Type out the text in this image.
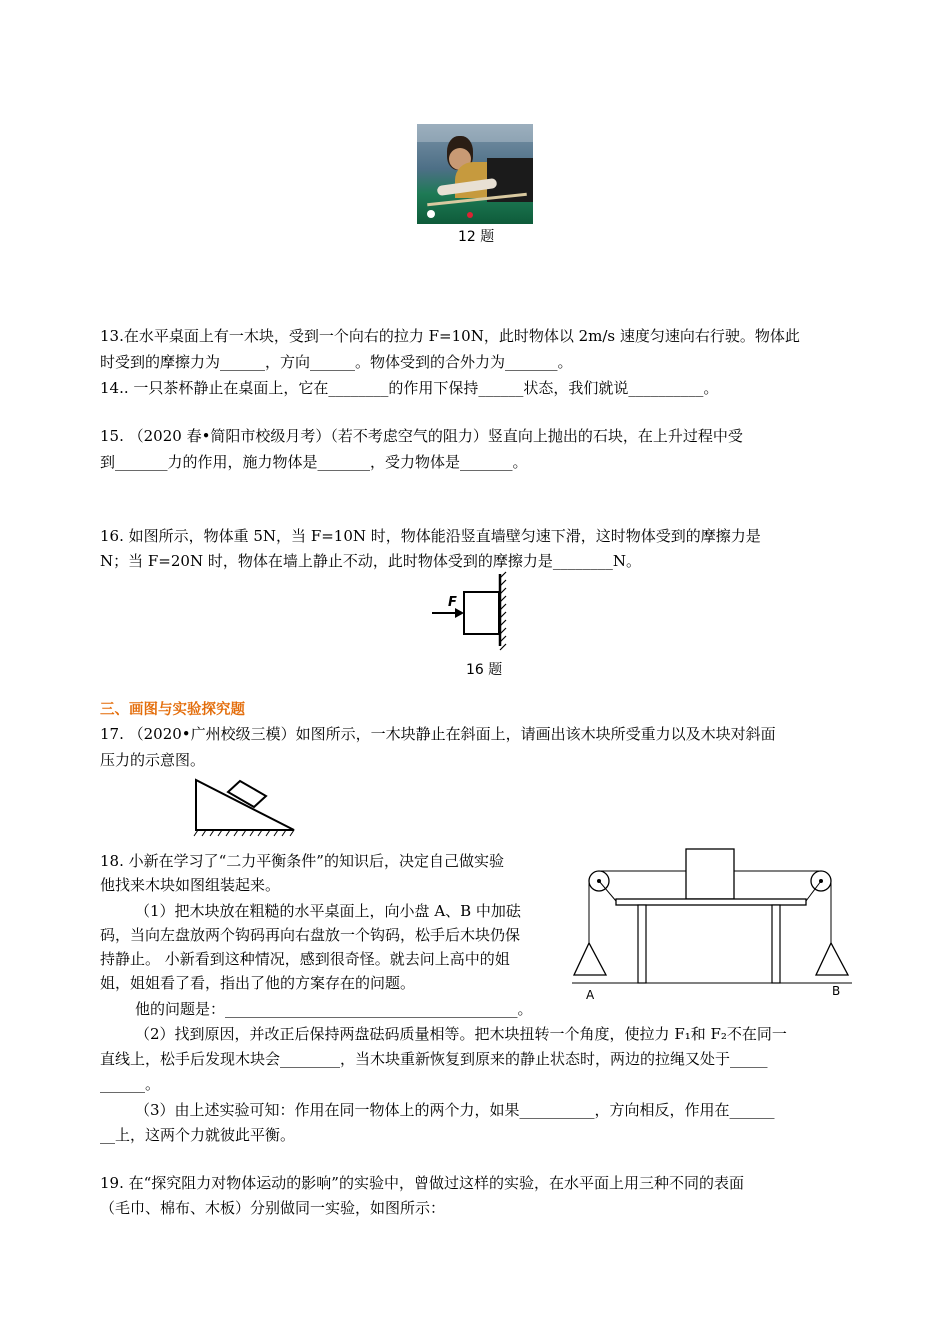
12 题
13.在水平桌面上有一木块，受到一个向右的拉力 F=10N，此时物体以 2m/s 速度匀速向右行驶。物体此
时受到的摩擦力为______，方向______。物体受到的合外力为_______。
14.. 一只茶杯静止在桌面上，它在________的作用下保持______状态，我们就说__________。
15. （2020 春•简阳市校级月考）（若不考虑空气的阻力）竖直向上抛出的石块，在上升过程中受
到_______力的作用，施力物体是_______，受力物体是_______。
16. 如图所示，物体重 5N，当 F=10N 时，物体能沿竖直墙壁匀速下滑，这时物体受到的摩擦力是
N；当 F=20N 时，物体在墙上静止不动，此时物体受到的摩擦力是________N。
F
16 题
三、画图与实验探究题
17. （2020•广州校级三模）如图所示，一木块静止在斜面上，请画出该木块所受重力以及木块对斜面
压力的示意图。
18. 小新在学习了“二力平衡条件”的知识后，决定自己做实验
他找来木块如图组装起来。
（1）把木块放在粗糙的水平桌面上，向小盘 A、B 中加砝
码，当向左盘放两个钩码再向右盘放一个钩码，松手后木块仍保
持静止。 小新看到这种情况，感到很奇怪。就去问上高中的姐
姐，姐姐看了看，指出了他的方案存在的问题。
他的问题是：_______________________________________。
（2）找到原因，并改正后保持两盘砝码质量相等。把木块扭转一个角度，使拉力 F₁和 F₂不在同一
直线上，松手后发现木块会________，当木块重新恢复到原来的静止状态时，两边的拉绳又处于_____
______。
（3）由上述实验可知：作用在同一物体上的两个力，如果__________，方向相反，作用在______
__上，这两个力就彼此平衡。
A	B
19. 在“探究阻力对物体运动的影响”的实验中，曾做过这样的实验，在水平面上用三种不同的表面
（毛巾、棉布、木板）分别做同一实验，如图所示：
